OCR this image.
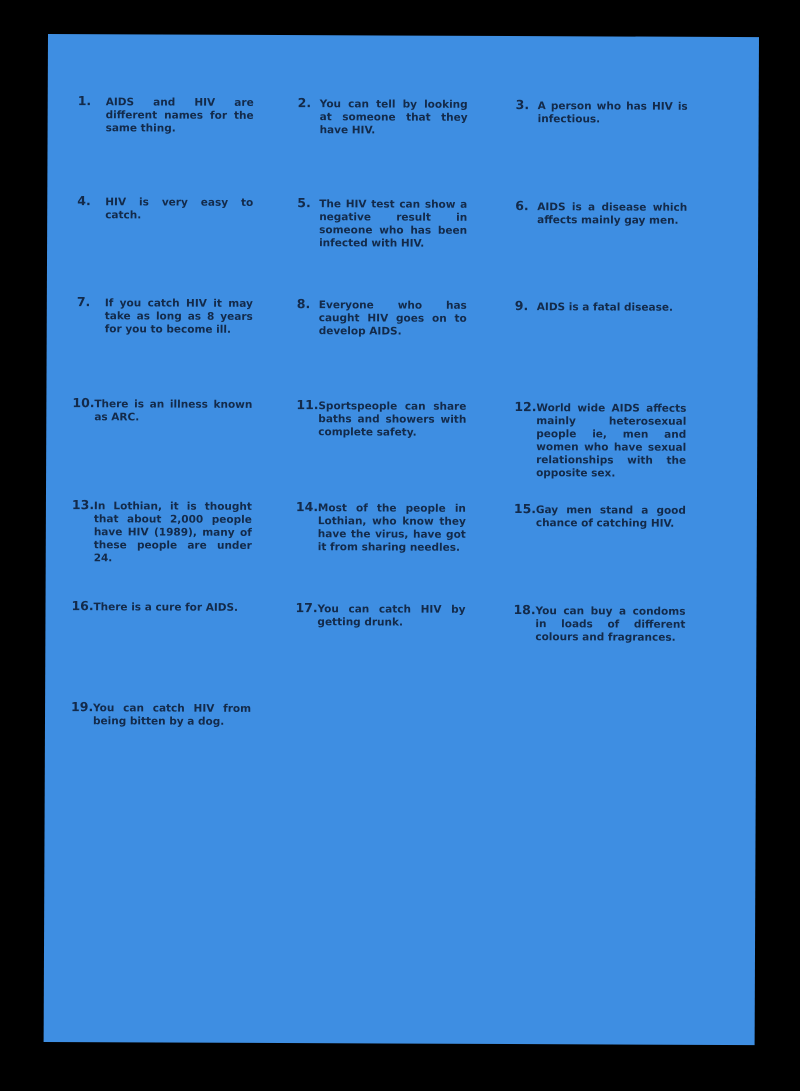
1.	AIDS and HIV are different names for the same thing.
2. You can tell by looking at someone that they have HIV.
3. A person who has HIV is infectious.
4.	HIV is very easy to catch.
5. The HIV test can show a negative result in someone who has been infected with HIV.
6. AIDS is a disease which affects mainly gay men.
7.	If you catch HIV it may take as long as 8 years for you to become ill.
8. Everyone who has caught HIV goes on to develop AIDS.
9. AIDS is a fatal disease.
10. There is an illness known as ARC.
11. Sportspeople can share baths and showers with complete safety.
12. World wide AIDS affects mainly heterosexual people ie, men and women who have sexual relationships with the opposite sex.
13. In Lothian, it is thought that about 2,000 people have HIV (1989), many of these people are under 24.
14. Most of the people in Lothian, who know they have the virus, have got it from sharing needles.
15. Gay men stand a good chance of catching HIV.
16. There is a cure for AIDS.	17. You can catch HIV by getting drunk.
18. You can buy a condoms in loads of different colours and fragrances.
19. You can catch HIV from being bitten by a dog.
